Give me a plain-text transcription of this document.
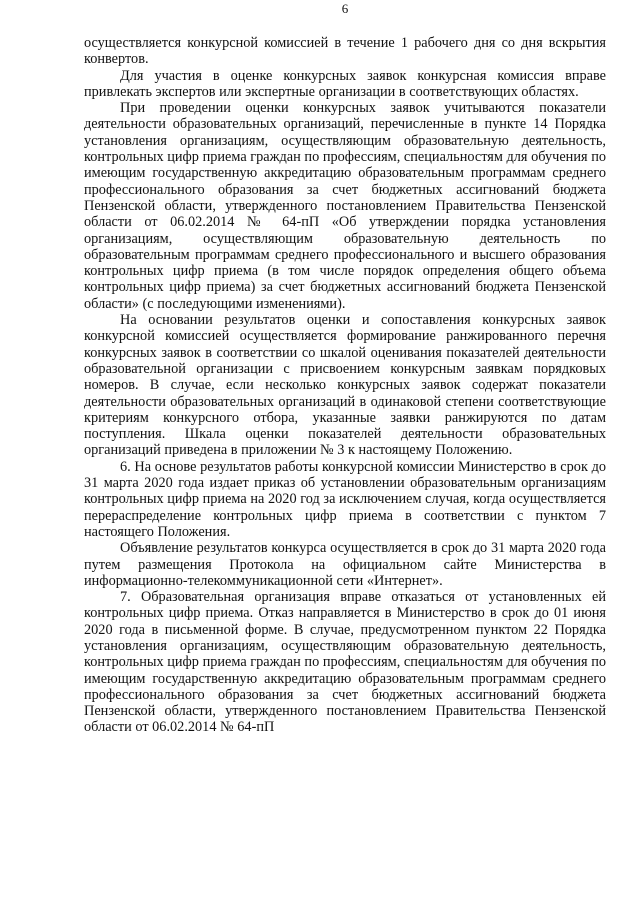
6

осуществляется конкурсной комиссией в течение 1 рабочего дня со дня вскрытия конвертов.

Для участия в оценке конкурсных заявок конкурсная комиссия вправе привлекать экспертов или экспертные организации в соответствующих областях.

При проведении оценки конкурсных заявок учитываются показатели деятельности образовательных организаций, перечисленные в пункте 14 Порядка установления организациям, осуществляющим образовательную деятельность, контрольных цифр приема граждан по профессиям, специальностям для обучения по имеющим государственную аккредитацию образовательным программам среднего профессионального образования за счет бюджетных ассигнований бюджета Пензенской области, утвержденного постановлением Правительства Пензенской области от 06.02.2014 № 64-пП «Об утверждении порядка установления организациям, осуществляющим образовательную деятельность по образовательным программам среднего профессионального и высшего образования контрольных цифр приема (в том числе порядок определения общего объема контрольных цифр приема) за счет бюджетных ассигнований бюджета Пензенской области» (с последующими изменениями).

На основании результатов оценки и сопоставления конкурсных заявок конкурсной комиссией осуществляется формирование ранжированного перечня конкурсных заявок в соответствии со шкалой оценивания показателей деятельности образовательной организации с присвоением конкурсным заявкам порядковых номеров. В случае, если несколько конкурсных заявок содержат показатели деятельности образовательных организаций в одинаковой степени соответствующие критериям конкурсного отбора, указанные заявки ранжируются по датам поступления. Шкала оценки показателей деятельности образовательных организаций приведена в приложении № 3 к настоящему Положению.

6. На основе результатов работы конкурсной комиссии Министерство в срок до 31 марта 2020 года издает приказ об установлении образовательным организациям контрольных цифр приема на 2020 год за исключением случая, когда осуществляется перераспределение контрольных цифр приема в соответствии с пунктом 7 настоящего Положения.

Объявление результатов конкурса осуществляется в срок до 31 марта 2020 года путем размещения Протокола на официальном сайте Министерства в информационно-телекоммуникационной сети «Интернет».

7. Образовательная организация вправе отказаться от установленных ей контрольных цифр приема. Отказ направляется в Министерство в срок до 01 июня 2020 года в письменной форме. В случае, предусмотренном пунктом 22 Порядка установления организациям, осуществляющим образовательную деятельность, контрольных цифр приема граждан по профессиям, специальностям для обучения по имеющим государственную аккредитацию образовательным программам среднего профессионального образования за счет бюджетных ассигнований бюджета Пензенской области, утвержденного постановлением Правительства Пензенской области от 06.02.2014 № 64-пП
